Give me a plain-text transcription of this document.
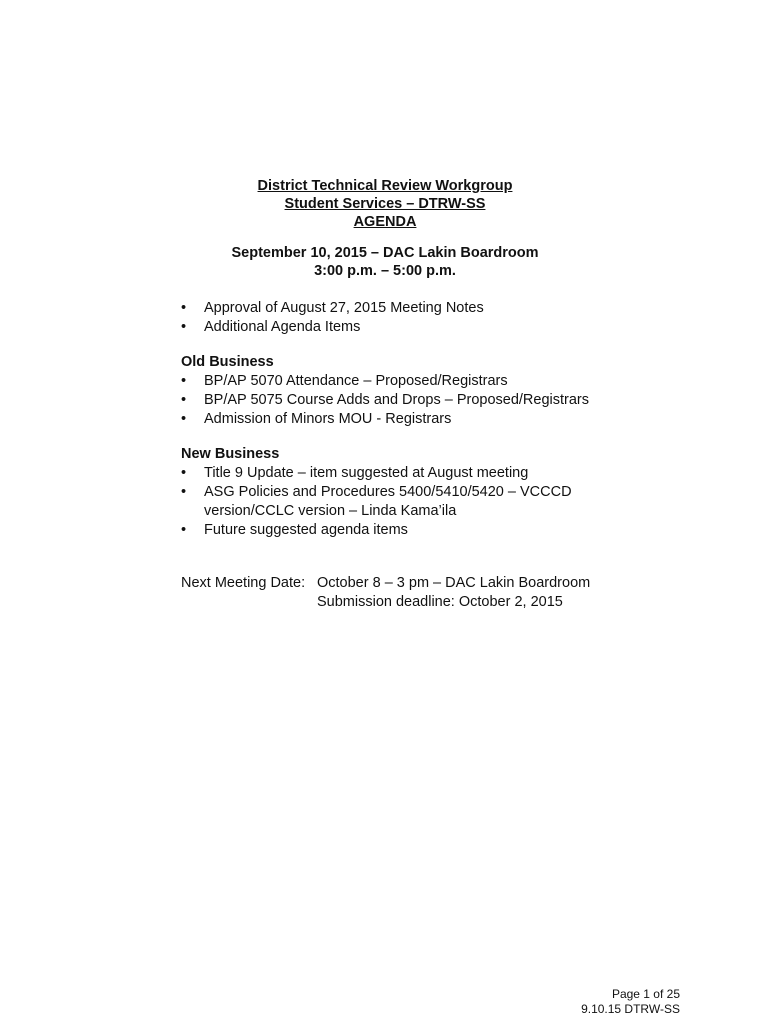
District Technical Review Workgroup
Student Services – DTRW-SS
AGENDA
September 10, 2015 – DAC Lakin Boardroom
3:00 p.m. – 5:00 p.m.
•	Approval of August 27, 2015 Meeting Notes
•	Additional Agenda Items
Old Business
•	BP/AP 5070 Attendance – Proposed/Registrars
•	BP/AP 5075 Course Adds and Drops – Proposed/Registrars
•	Admission of Minors MOU - Registrars
New Business
•	Title 9 Update – item suggested at August meeting
•	ASG Policies and Procedures 5400/5410/5420 – VCCCD version/CCLC version – Linda Kama’ila
•	Future suggested agenda items
Next Meeting Date: October 8 – 3 pm – DAC Lakin Boardroom
Submission deadline: October 2, 2015
Page 1 of 25
9.10.15 DTRW-SS
